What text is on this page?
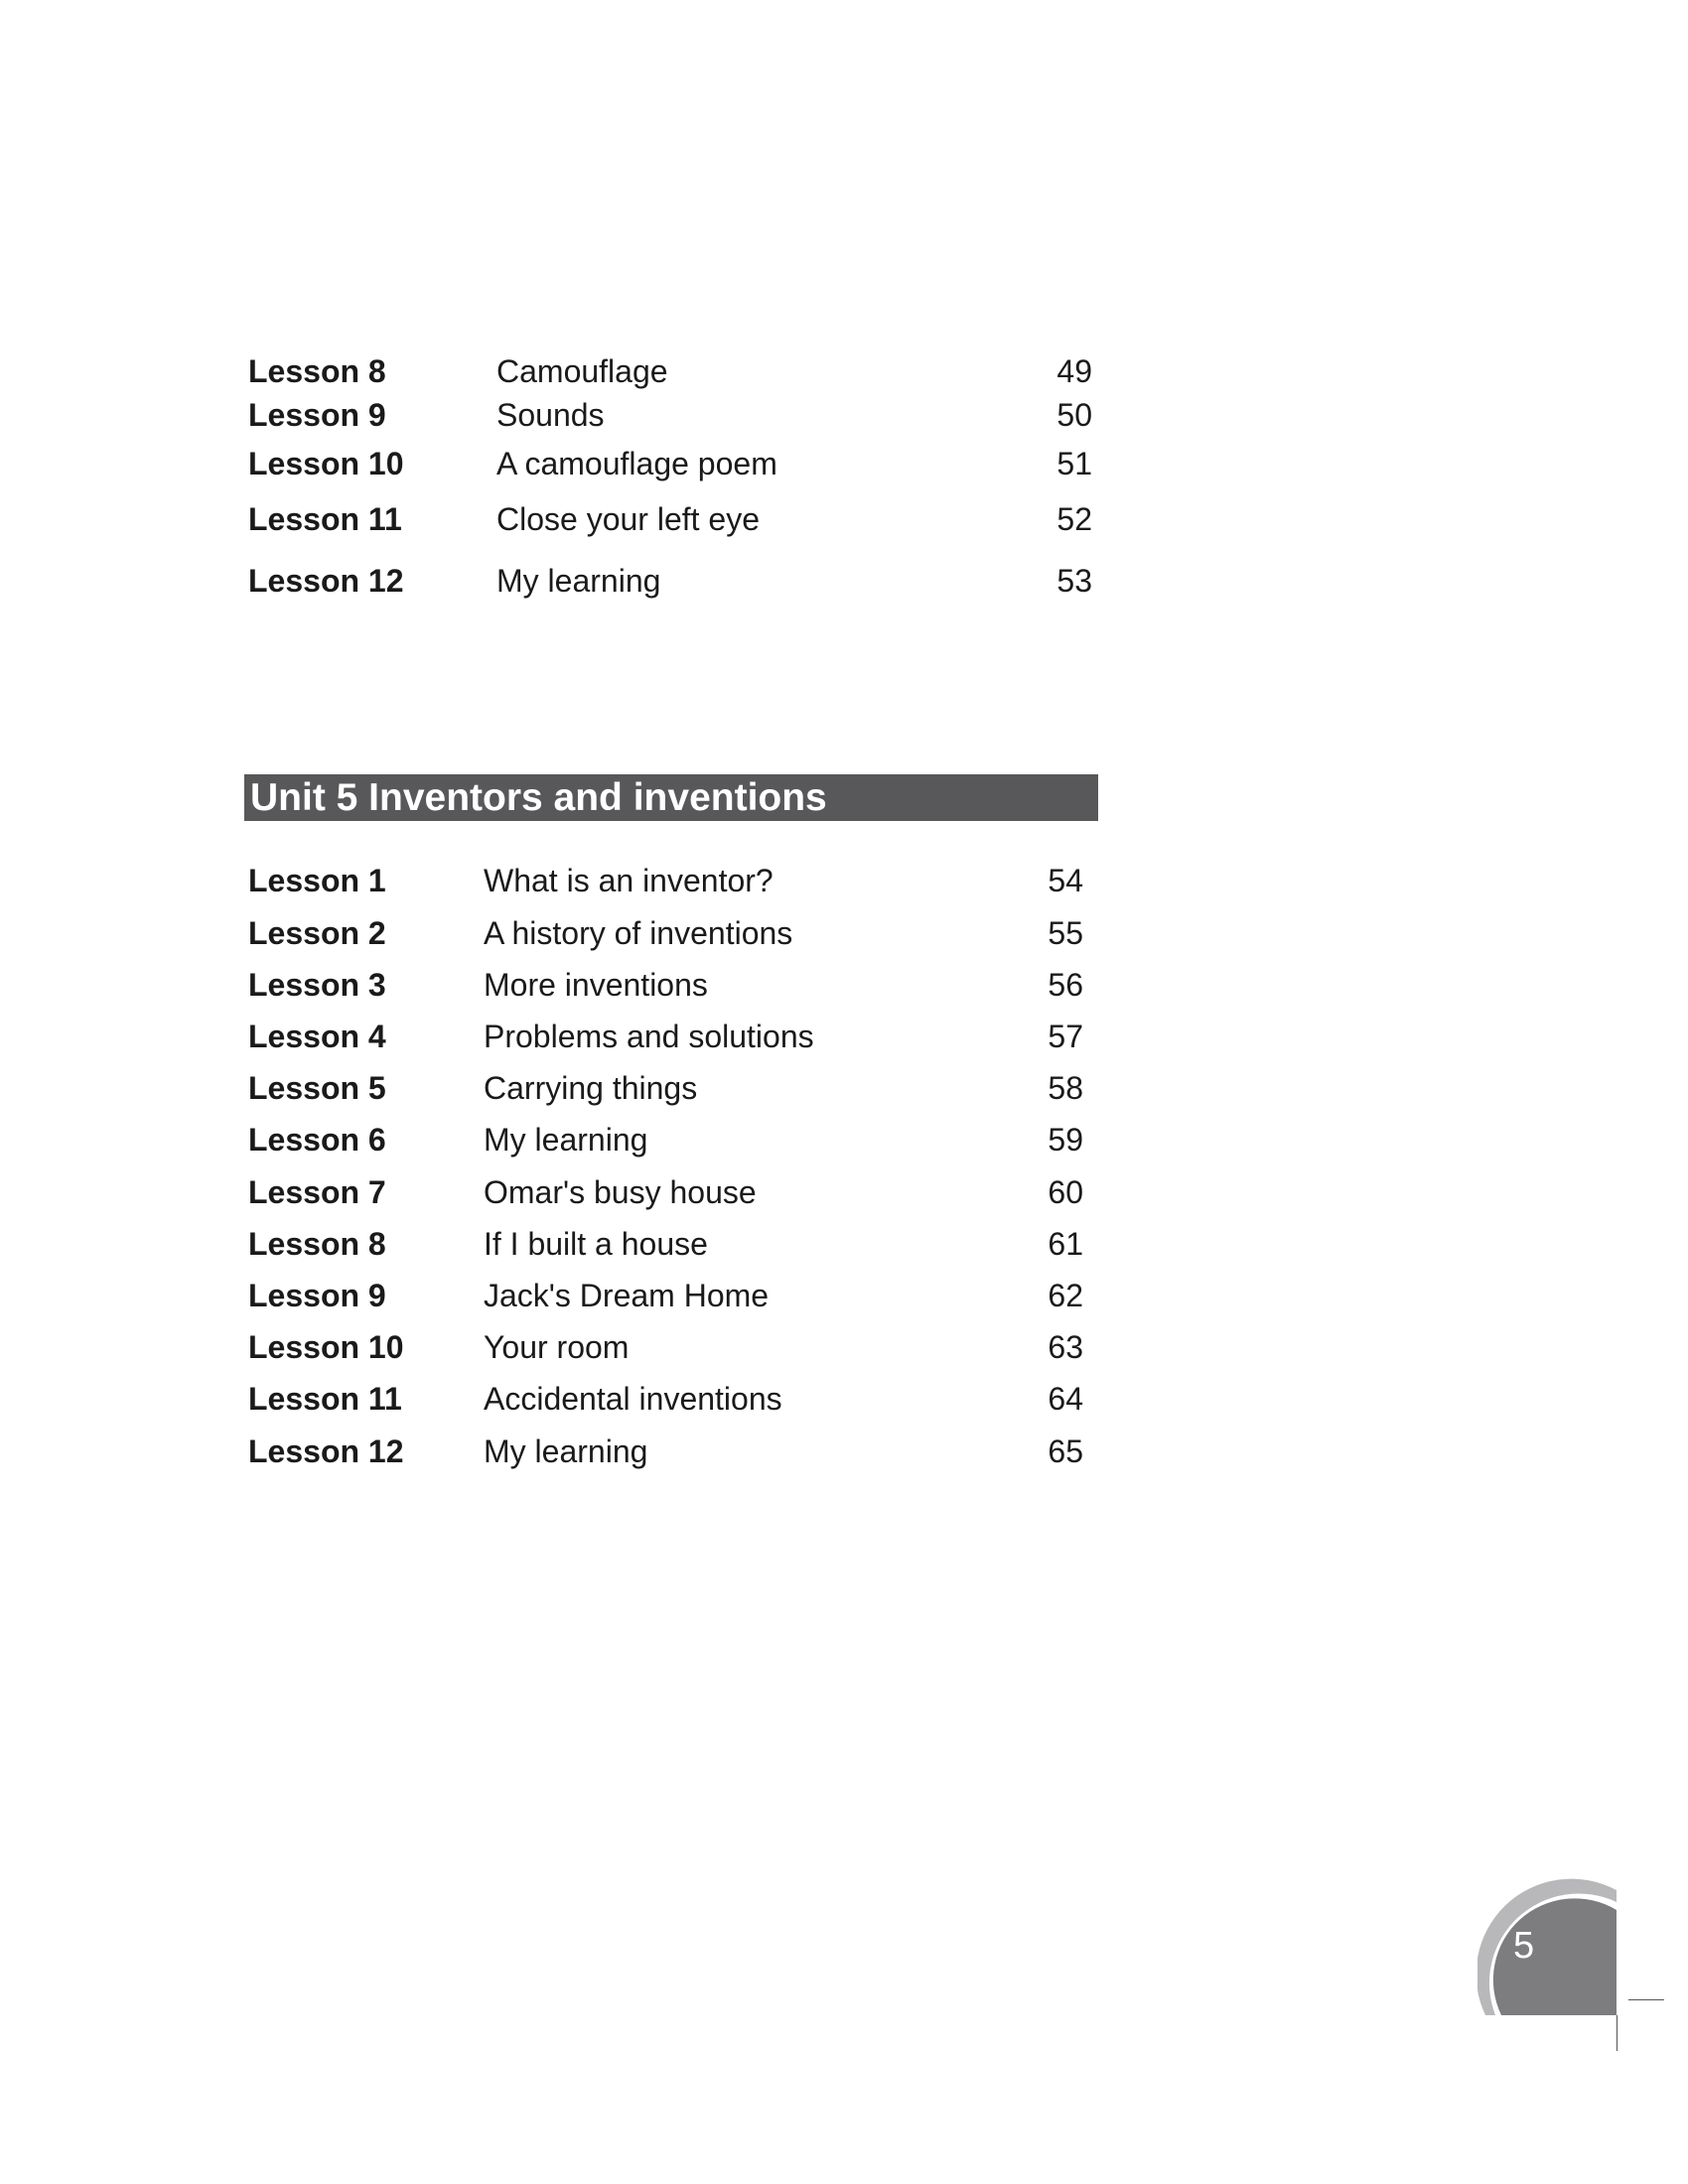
Lesson 8	Camouflage	49
Lesson 9	Sounds	50
Lesson 10	A camouflage poem	51
Lesson 11	Close your left eye	52
Lesson 12	My learning	53
Unit 5 Inventors and inventions
Lesson 1	What is an inventor?	54
Lesson 2	A history of inventions	55
Lesson 3	More inventions	56
Lesson 4	Problems and solutions	57
Lesson 5	Carrying things	58
Lesson 6	My learning	59
Lesson 7	Omar's busy house	60
Lesson 8	If I built a house	61
Lesson 9	Jack's Dream Home	62
Lesson 10	Your room	63
Lesson 11	Accidental inventions	64
Lesson 12	My learning	65
5
